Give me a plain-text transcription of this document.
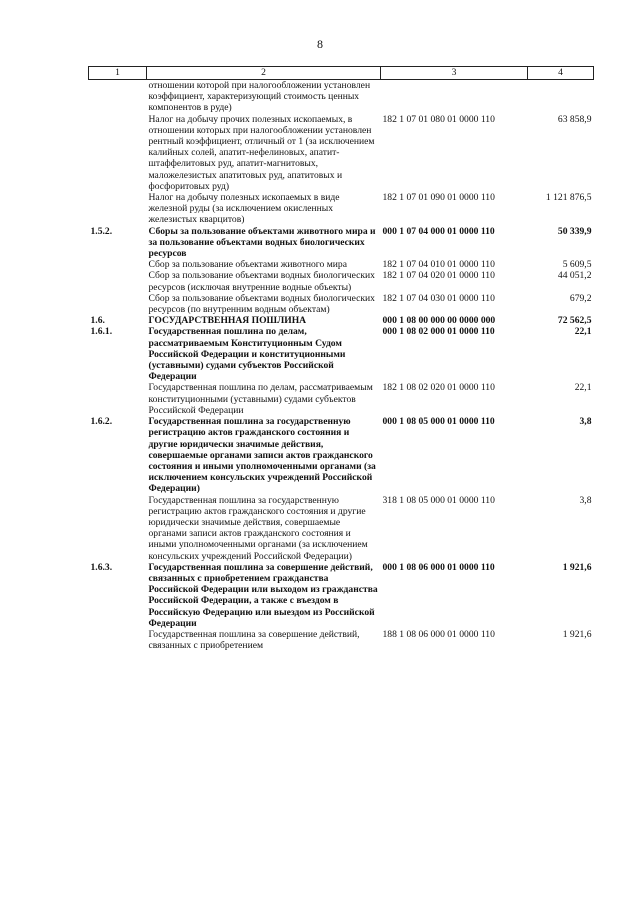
8
1	2	3	4
	отношении которой при налогообложении установлен коэффициент, характеризующий стоимость ценных компонентов в руде)		
	Налог на добычу прочих полезных ископаемых, в отношении которых при налогообложении установлен рентный коэффициент, отличный от 1 (за исключением калийных солей, апатит-нефелиновых, апатит-штаффелитовых руд, апатит-магнитовых, маложелезистых апатитовых руд, апатитовых и фосфоритовых руд)	182 1 07 01 080 01 0000 110	63 858,9
	Налог на добычу полезных ископаемых в виде железной руды (за исключением окисленных железистых кварцитов)	182 1 07 01 090 01 0000 110	1 121 876,5
1.5.2.	Сборы за пользование объектами животного мира и за пользование объектами водных биологических ресурсов	000 1 07 04 000 01 0000 110	50 339,9
	Сбор за пользование объектами животного мира	182 1 07 04 010 01 0000 110	5 609,5
	Сбор за пользование объектами водных биологических ресурсов (исключая внутренние водные объекты)	182 1 07 04 020 01 0000 110	44 051,2
	Сбор за пользование объектами водных биологических ресурсов (по внутренним водным объектам)	182 1 07 04 030 01 0000 110	679,2
1.6.	ГОСУДАРСТВЕННАЯ ПОШЛИНА	000 1 08 00 000 00 0000 000	72 562,5
1.6.1.	Государственная пошлина по делам, рассматриваемым Конституционным Судом Российской Федерации и конституционными (уставными) судами субъектов Российской Федерации	000 1 08 02 000 01 0000 110	22,1
	Государственная пошлина по делам, рассматриваемым конституционными (уставными) судами субъектов Российской Федерации	182 1 08 02 020 01 0000 110	22,1
1.6.2.	Государственная пошлина за государственную регистрацию актов гражданского состояния и другие юридически значимые действия, совершаемые органами записи актов гражданского состояния и иными уполномоченными органами (за исключением консульских учреждений Российской Федерации)	000 1 08 05 000 01 0000 110	3,8
	Государственная пошлина за государственную регистрацию актов гражданского состояния и другие юридически значимые действия, совершаемые органами записи актов гражданского состояния и иными уполномоченными органами (за исключением консульских учреждений Российской Федерации)	318 1 08 05 000 01 0000 110	3,8
1.6.3.	Государственная пошлина за совершение действий, связанных с приобретением гражданства Российской Федерации или выходом из гражданства Российской Федерации, а также с въездом в Российскую Федерацию или выездом из Российской Федерации	000 1 08 06 000 01 0000 110	1 921,6
	Государственная пошлина за совершение действий, связанных с приобретением	188 1 08 06 000 01 0000 110	1 921,6
